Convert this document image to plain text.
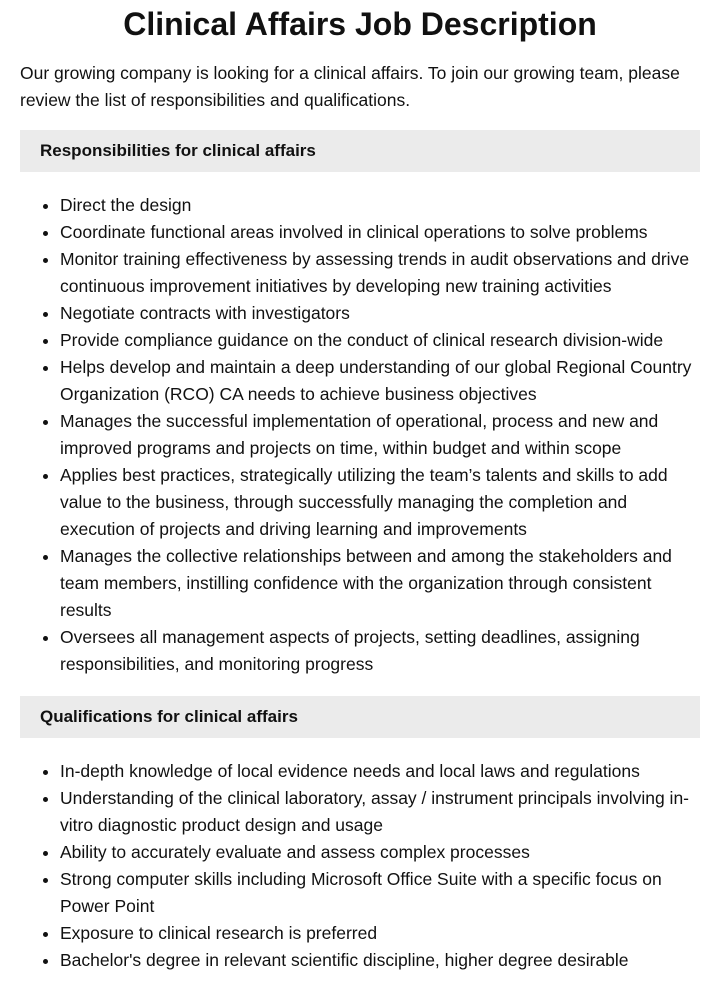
Clinical Affairs Job Description

Our growing company is looking for a clinical affairs. To join our growing team, please review the list of responsibilities and qualifications.

Responsibilities for clinical affairs
• Direct the design
• Coordinate functional areas involved in clinical operations to solve problems
• Monitor training effectiveness by assessing trends in audit observations and drive continuous improvement initiatives by developing new training activities
• Negotiate contracts with investigators
• Provide compliance guidance on the conduct of clinical research division-wide
• Helps develop and maintain a deep understanding of our global Regional Country Organization (RCO) CA needs to achieve business objectives
• Manages the successful implementation of operational, process and new and improved programs and projects on time, within budget and within scope
• Applies best practices, strategically utilizing the team’s talents and skills to add value to the business, through successfully managing the completion and execution of projects and driving learning and improvements
• Manages the collective relationships between and among the stakeholders and team members, instilling confidence with the organization through consistent results
• Oversees all management aspects of projects, setting deadlines, assigning responsibilities, and monitoring progress
Qualifications for clinical affairs
• In-depth knowledge of local evidence needs and local laws and regulations
• Understanding of the clinical laboratory, assay / instrument principals involving in-vitro diagnostic product design and usage
• Ability to accurately evaluate and assess complex processes
• Strong computer skills including Microsoft Office Suite with a specific focus on Power Point
• Exposure to clinical research is preferred
• Bachelor's degree in relevant scientific discipline, higher degree desirable
